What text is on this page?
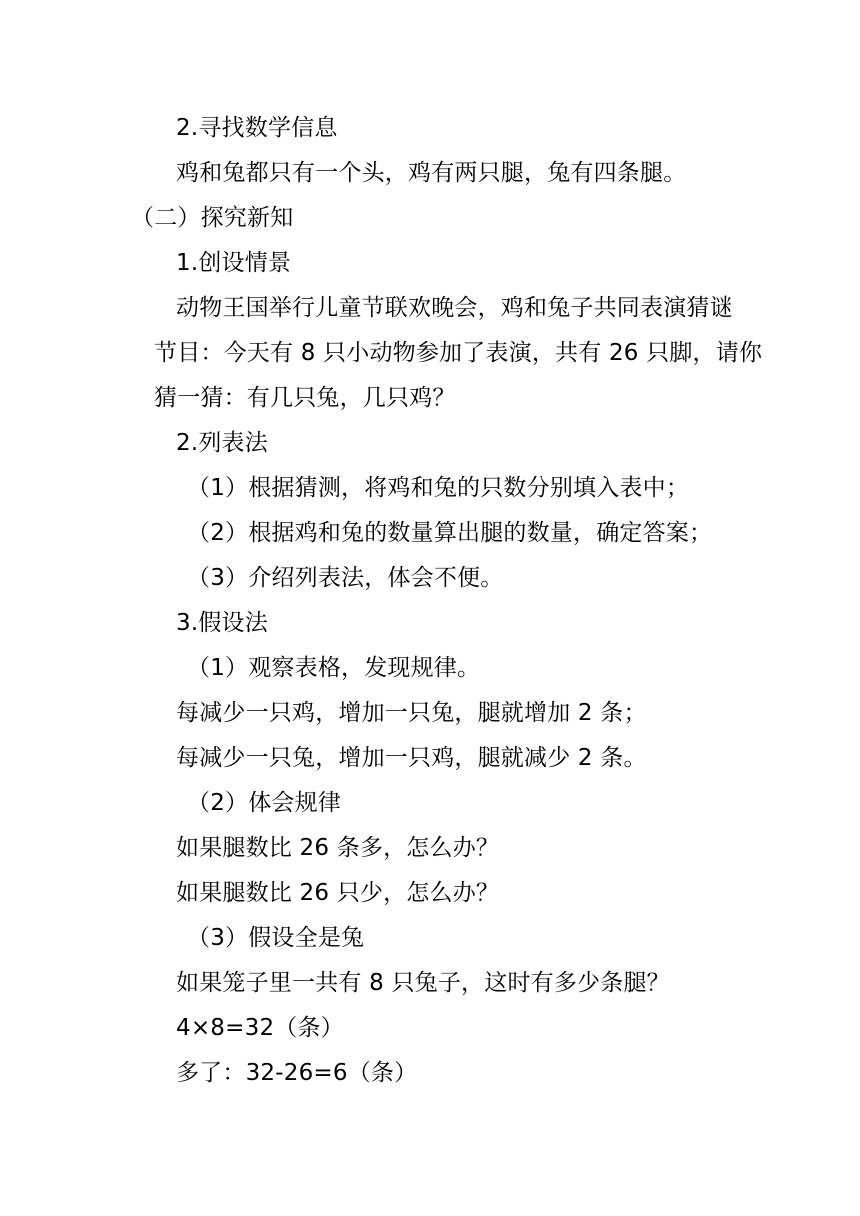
2.寻找数学信息
鸡和兔都只有一个头，鸡有两只腿，兔有四条腿。
（二）探究新知
1.创设情景
动物王国举行儿童节联欢晚会，鸡和兔子共同表演猜谜
节目：今天有 8 只小动物参加了表演，共有 26 只脚，请你
猜一猜：有几只兔，几只鸡？
2.列表法
（1）根据猜测，将鸡和兔的只数分别填入表中；
（2）根据鸡和兔的数量算出腿的数量，确定答案；
（3）介绍列表法，体会不便。
3.假设法
（1）观察表格，发现规律。
每减少一只鸡，增加一只兔，腿就增加 2 条；
每减少一只兔，增加一只鸡，腿就减少 2 条。
（2）体会规律
如果腿数比 26 条多，怎么办？
如果腿数比 26 只少，怎么办？
（3）假设全是兔
如果笼子里一共有 8 只兔子，这时有多少条腿？
4×8=32（条）
多了：32-26=6（条）
